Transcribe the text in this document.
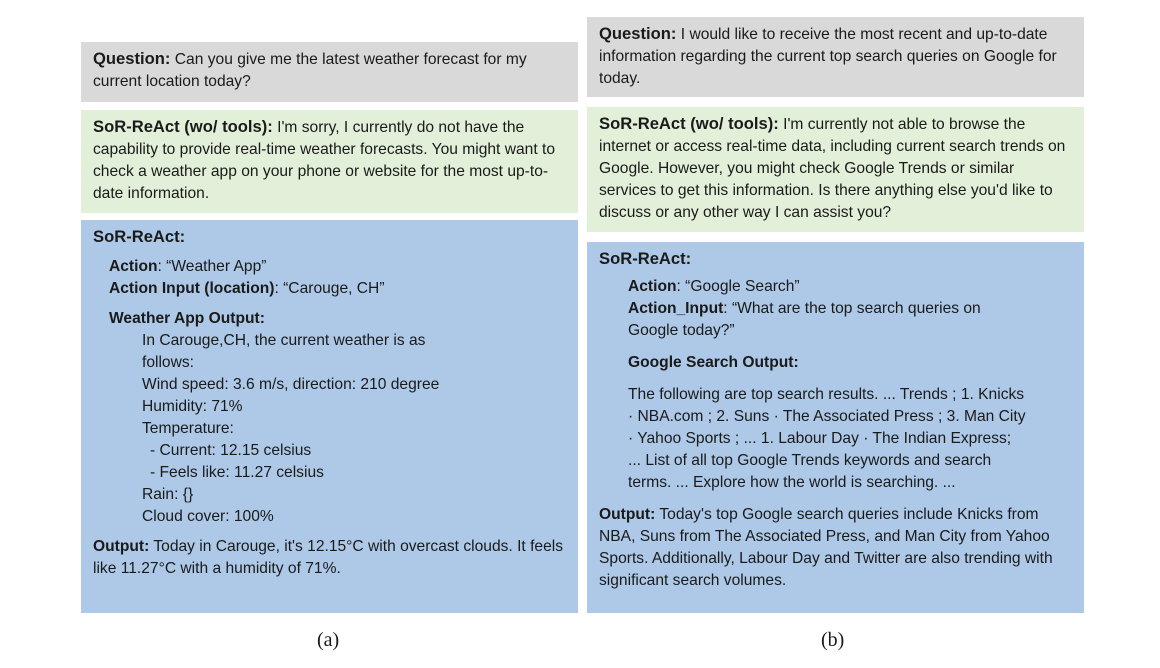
Question: Can you give me the latest weather forecast for my current location today?
SoR-ReAct (wo/ tools): I'm sorry, I currently do not have the capability to provide real-time weather forecasts. You might want to check a weather app on your phone or website for the most up-to-date information.
SoR-ReAct:
Action: “Weather App”
Action Input (location): “Carouge, CH”
Weather App Output:
In Carouge,CH, the current weather is as
follows:
Wind speed: 3.6 m/s, direction: 210 degree
Humidity: 71%
Temperature:
- Current: 12.15 celsius
- Feels like: 11.27 celsius
Rain: {}
Cloud cover: 100%
Output: Today in Carouge, it's 12.15°C with overcast clouds. It feels like 11.27°C with a humidity of 71%.
(a)
Question: I would like to receive the most recent and up-to-date information regarding the current top search queries on Google for today.
SoR-ReAct (wo/ tools): I'm currently not able to browse the internet or access real-time data, including current search trends on Google. However, you might check Google Trends or similar services to get this information. Is there anything else you'd like to discuss or any other way I can assist you?
SoR-ReAct:
Action: “Google Search”
Action_Input: “What are the top search queries on Google today?”
Google Search Output:
The following are top search results. ... Trends ; 1. Knicks · NBA.com ; 2. Suns · The Associated Press ; 3. Man City · Yahoo Sports ; ... 1. Labour Day · The Indian Express; ... List of all top Google Trends keywords and search terms. ... Explore how the world is searching. ...
Output: Today's top Google search queries include Knicks from NBA, Suns from The Associated Press, and Man City from Yahoo Sports. Additionally, Labour Day and Twitter are also trending with significant search volumes.
(b)
